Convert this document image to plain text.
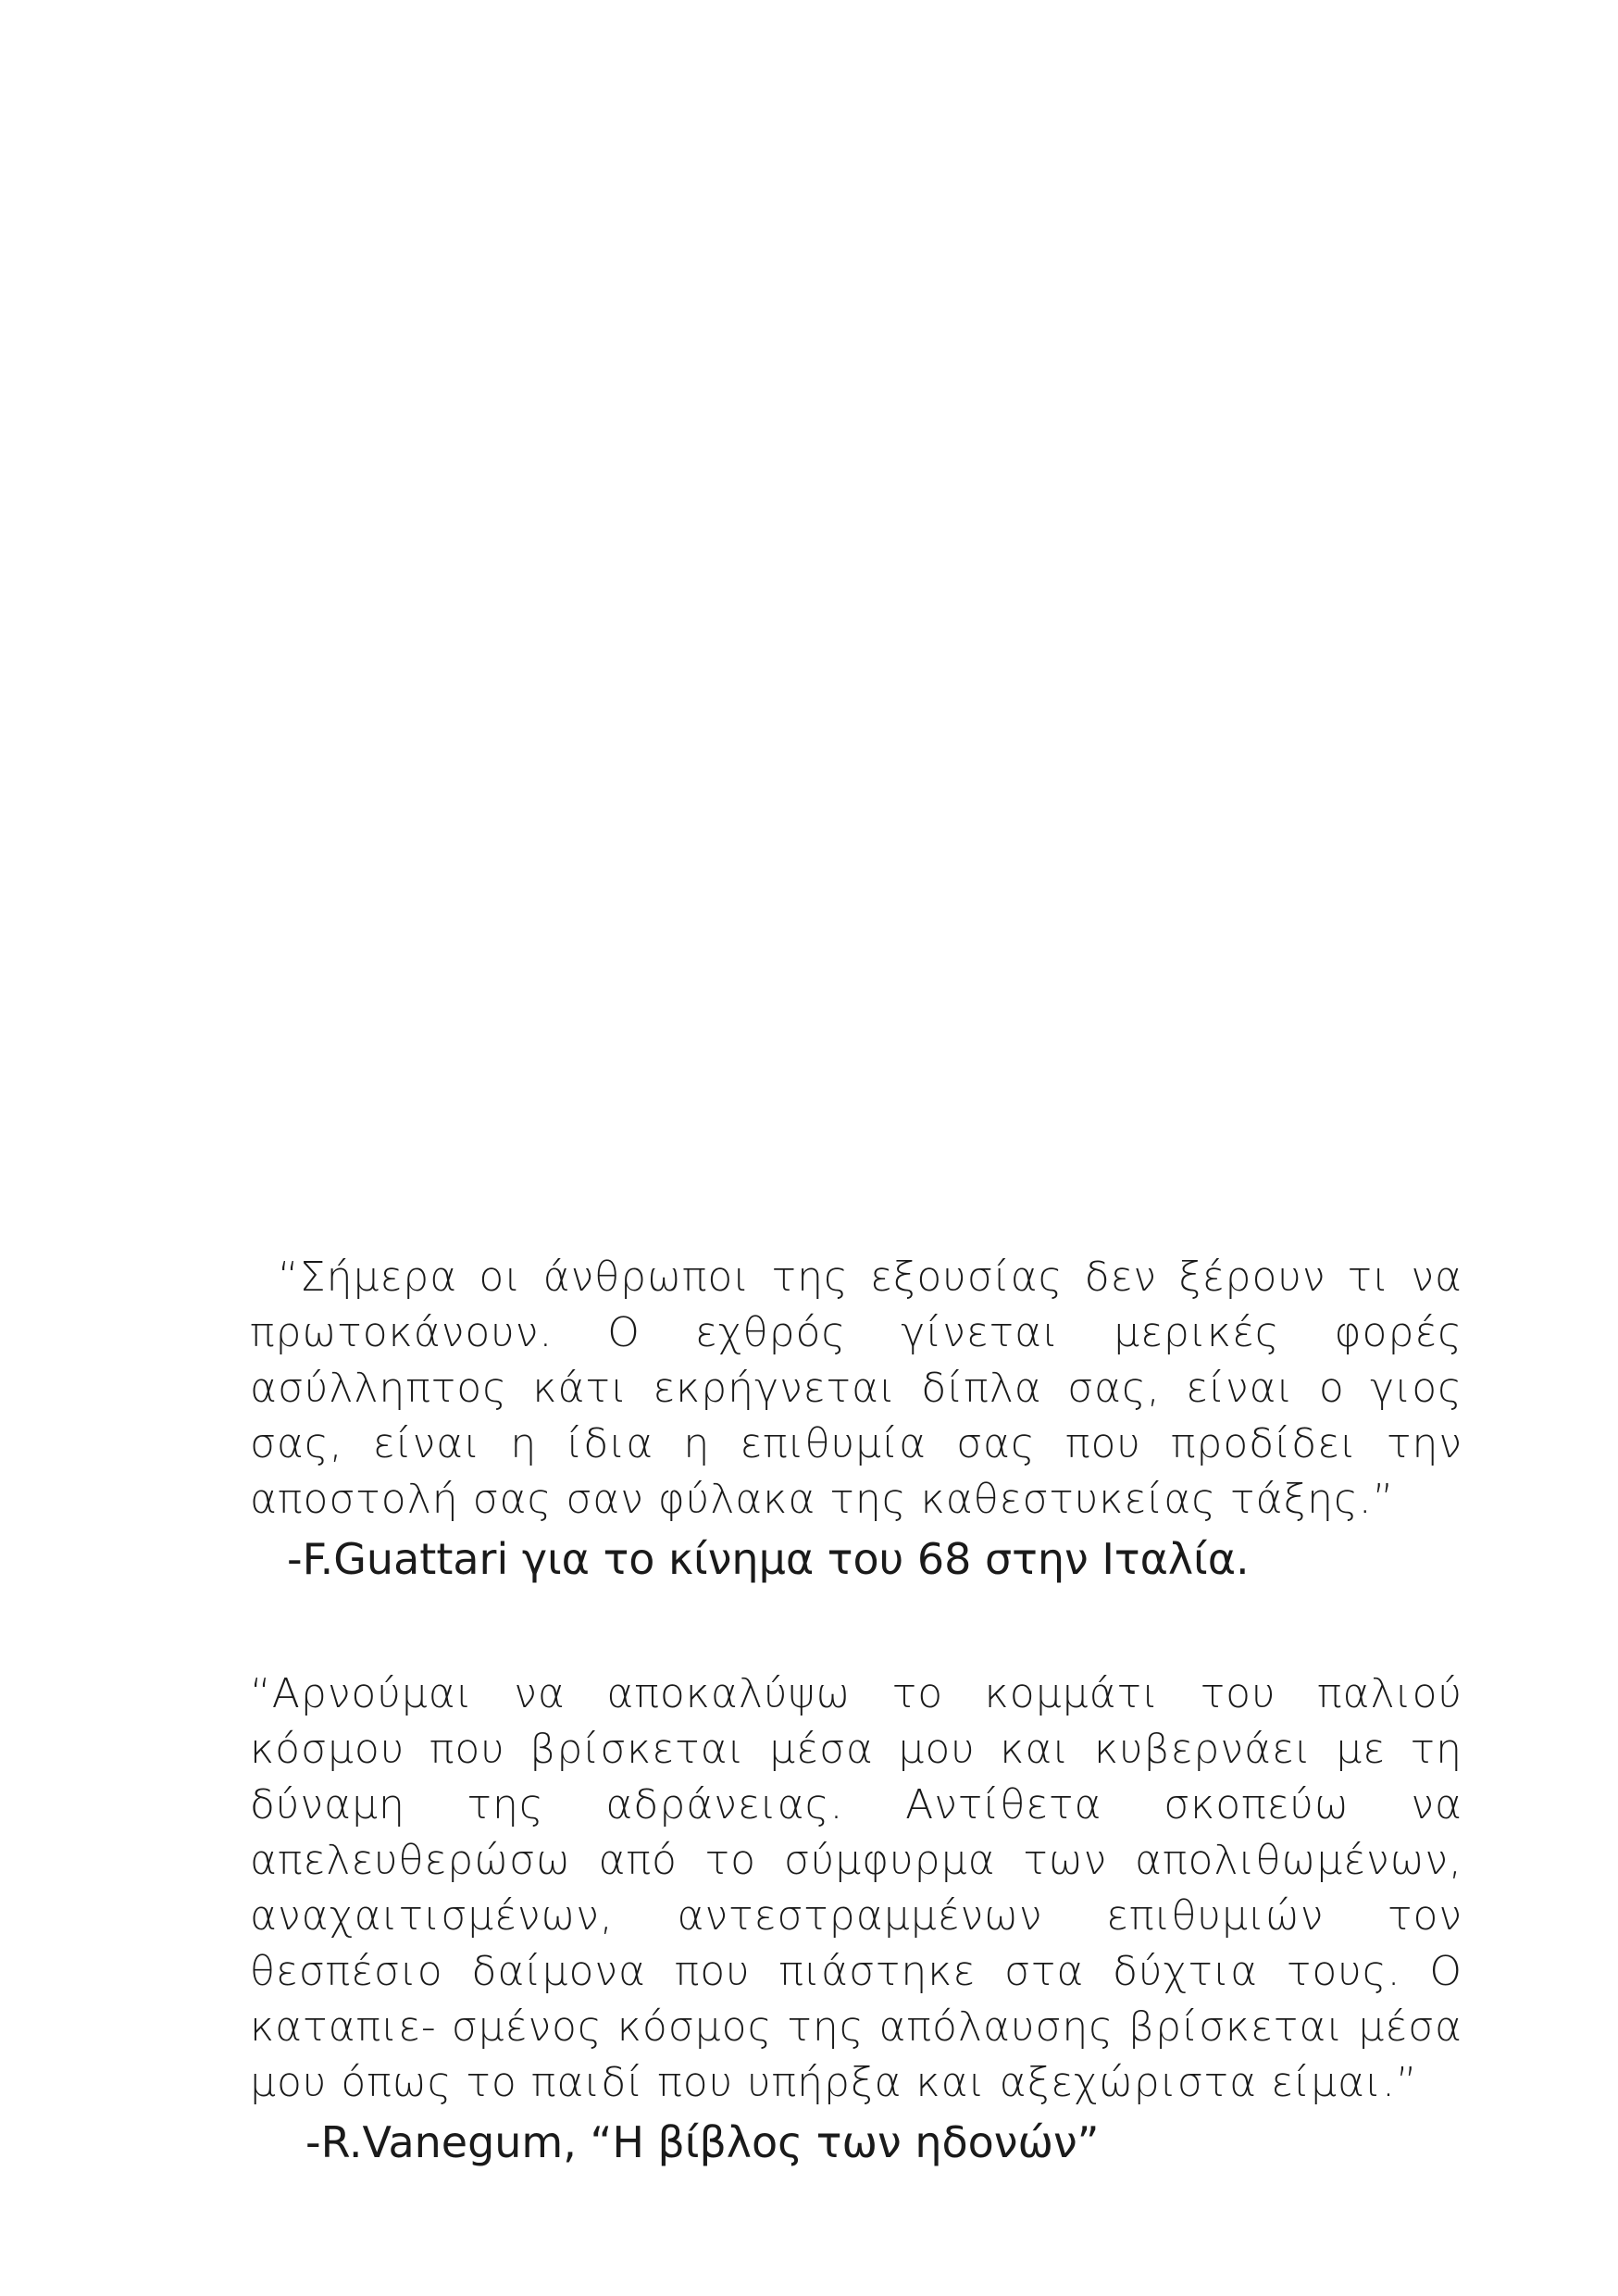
“Σήμερα οι άνθρωποι της εξουσίας δεν ξέρουν τι να πρωτοκάνουν. Ο εχθρός γίνεται μερικές φορές ασύλληπτος κάτι εκρήγνεται δίπλα σας, είναι ο γιος σας, είναι η ίδια η επιθυμία σας που προδίδει την αποστολή σας σαν φύλακα της καθεστυκείας τάξης.”

-F.Guattari για το κίνημα του 68 στην Ιταλία.

“Αρνούμαι να αποκαλύψω το κομμάτι του παλιού κόσμου που βρίσκεται μέσα μου και κυβερνάει με τη δύναμη της αδράνειας. Αντίθετα σκοπεύω να απελευθερώσω από το σύμφυρμα των απολιθωμένων, αναχαιτισμένων, αντεστραμμένων επιθυμιών τον θεσπέσιο δαίμονα που πιάστηκε στα δύχτια τους. Ο καταπιε- σμένος κόσμος της απόλαυσης βρίσκεται μέσα μου όπως το παιδί που υπήρξα και αξεχώριστα είμαι.”

-R.Vanegum, “Η βίβλος των ηδονών”
